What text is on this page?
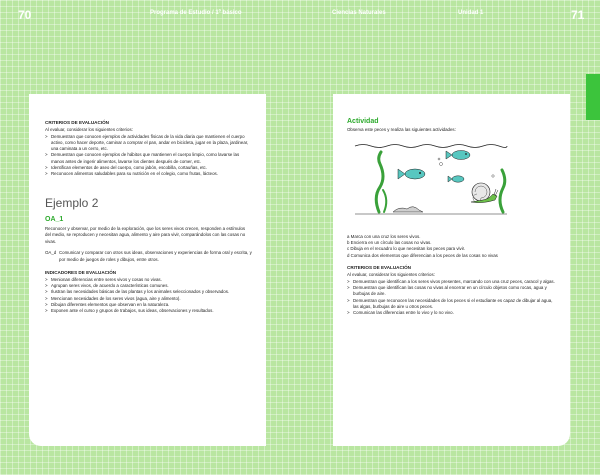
70	Programa de Estudio / 1º básico	Ciencias Naturales	Unidad 1	71
CRITERIOS DE EVALUACIÓN
Al evaluar, considerar los siguientes criterios:
> Demuestran que conocen ejemplos de actividades físicas de la vida diaria que mantienen el cuerpo activo, como hacer deporte, caminar a comprar el pan, andar en bicicleta, jugar en la plaza, jardinear, una caminata a un cerro, etc.
> Demuestran que conocen ejemplos de hábitos que mantienen el cuerpo limpio, como lavarse las manos antes de ingerir alimentos, lavarse los dientes después de comer, etc.
> Identifican elementos de aseo del cuerpo, como jabón, escobilla, cortauñas, etc.
> Reconocen alimentos saludables para su nutrición en el colegio, como frutas, lácteos.
Ejemplo 2
OA_1
Reconocer y observar, por medio de la exploración, que los seres vivos crecen, responden a estímulos del medio, se reproducen y necesitan agua, alimento y aire para vivir, comparándolos con las cosas no vivas.
OA_d Comunicar y comparar con otros sus ideas, observaciones y experiencias de forma oral y escrita, y por medio de juegos de roles y dibujos, entre otros.
INDICADORES DE EVALUACIÓN
> Menionan diferencias entre seres vivos y cosas no vivas.
> Agrupan seres vivos, de acuerdo a características comunes.
> Ilustran las necesidades básicas de las plantas y los animales seleccionados y observados.
> Mencionan necesidades de los seres vivos (agua, aire y alimento).
> Dibujan diferentes elementos que observan en la naturaleza.
> Exponen ante el curso y grupos de trabajos, sus ideas, observaciones y resultados.
Actividad
Observa este peces y realiza las siguientes actividades:
a Marca con una cruz los seres vivos.
b Encierra en un círculo las cosas no vivas.
c Dibuja en el recuadro lo que necesitan los peces para vivir.
d Comunica dos elementos que diferencian a los peces de las cosas no vivas
CRITERIOS DE EVALUACIÓN
Al evaluar, considerar los siguientes criterios:
> Demuestran que identifican a los seres vivos presentes, marcando con una cruz peces, caracol y algas.
> Demuestran que identifican las cosas no vivas al encerrar en un círculo objetos como rocas, agua y burbujas de aire.
> Demuestran que reconocen las necesidades de los peces si el estudiante es capaz de dibujar al agua, las algas, burbujas de aire u otros peces.
> Comunican las diferencias entre lo vivo y lo no vivo.
